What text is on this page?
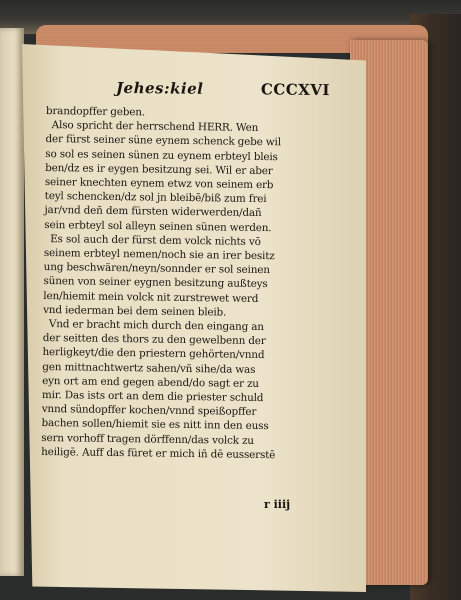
Jehes:kiel	CCCXVI
brandopffer geben.
Also spricht der herrschend HERR. Wen
der fürst seiner süne eynem schenck gebe wil
so sol es seinen sünen zu eynem erbteyl bleis
ben/dz es ir eygen besitzung sei. Wil er aber
seiner knechten eynem etwz von seinem erb
teyl schencken/dz sol jn bleibē/biß zum frei
jar/vnd deñ dem fürsten widerwerden/dañ
sein erbteyl sol alleyn seinen sünen werden.
Es sol auch der fürst dem volck nichts vō
seinem erbteyl nemen/noch sie an irer besitz
ung beschwären/neyn/sonnder er sol seinen
sünen von seiner eygnen besitzung außteys
len/hiemit mein volck nit zurstrewet werd
vnd iederman bei dem seinen bleib.
Vnd er bracht mich durch den eingang an
der seitten des thors zu den gewelbenn der
herligkeyt/die den priestern gehörten/vnnd
gen mittnachtwertz sahen/vñ sihe/da was
eyn ort am end gegen abend/do sagt er zu
mir. Das ists ort an dem die priester schuld
vnnd sündopffer kochen/vnnd speißopffer
bachen sollen/hiemit sie es nitt inn den euss
sern vorhoff tragen dörffenn/das volck zu
heiligē. Auff das füret er mich iñ dē eusserstē
r iiij
